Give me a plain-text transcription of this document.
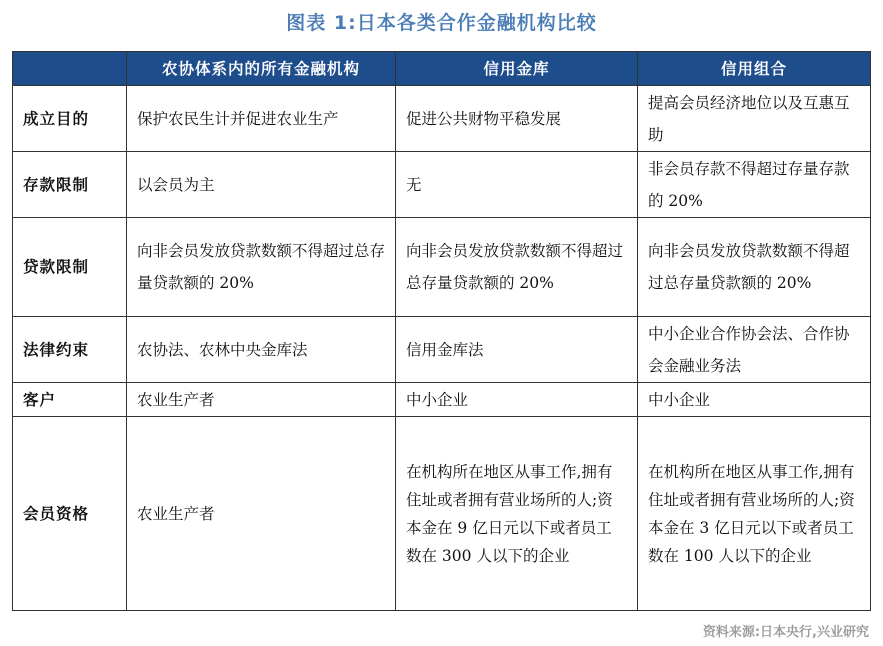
图表 1:日本各类合作金融机构比较
	农协体系内的所有金融机构	信用金库	信用组合
成立目的	保护农民生计并促进农业生产	促进公共财物平稳发展	提高会员经济地位以及互惠互助
存款限制	以会员为主	无	非会员存款不得超过存量存款的 20%
贷款限制	向非会员发放贷款数额不得超过总存量贷款额的 20%	向非会员发放贷款数额不得超过总存量贷款额的 20%	向非会员发放贷款数额不得超过总存量贷款额的 20%
法律约束	农协法、农林中央金库法	信用金库法	中小企业合作协会法、合作协会金融业务法
客户	农业生产者	中小企业	中小企业
会员资格	农业生产者	在机构所在地区从事工作,拥有住址或者拥有营业场所的人;资本金在 9 亿日元以下或者员工数在 300 人以下的企业	在机构所在地区从事工作,拥有住址或者拥有营业场所的人;资本金在 3 亿日元以下或者员工数在 100 人以下的企业
资料来源:日本央行,兴业研究
